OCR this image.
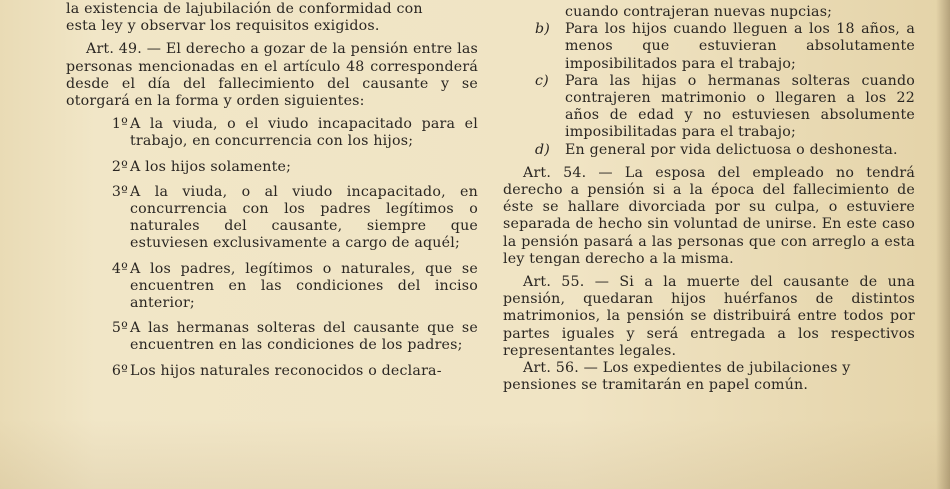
la existencia de lajubilación de conformidad con

esta ley y observar los requisitos exigidos.

Art. 49. — El derecho a gozar de la pensión entre las personas mencionadas en el artículo 48 corresponderá desde el día del fallecimiento del causante y se otorgará en la forma y orden siguientes:

1º A la viuda, o el viudo incapacitado para el trabajo, en concurrencia con los hijos;

2º A los hijos solamente;

3º A la viuda, o al viudo incapacitado, en concurrencia con los padres legítimos o naturales del causante, siempre que estuviesen exclusivamente a cargo de aquél;

4º A los padres, legítimos o naturales, que se encuentren en las condiciones del inciso anterior;

5º A las hermanas solteras del causante que se encuentren en las condiciones de los padres;

6º Los hijos naturales reconocidos o declara-

cuando contrajeran nuevas nupcias;

b) Para los hijos cuando lleguen a los 18 años, a menos que estuvieran absolutamente imposibilitados para el trabajo;

c) Para las hijas o hermanas solteras cuando contrajeren matrimonio o llegaren a los 22 años de edad y no estuviesen absolumente imposibilitadas para el trabajo;

d)	En general por vida delictuosa o deshonesta.

Art. 54. — La esposa del empleado no tendrá derecho a pensión si a la época del fallecimiento de éste se hallare divorciada por su culpa, o estuviere separada de hecho sin voluntad de unirse. En este caso la pensión pasará a las personas que con arreglo a esta ley tengan derecho a la misma.

Art. 55. — Si a la muerte del causante de una pensión, quedaran hijos huérfanos de distintos matrimonios, la pensión se distribuirá entre todos por partes iguales y será entregada a los respectivos representantes legales.

Art. 56. — Los expedientes de jubilaciones y pensiones se tramitarán en papel común.
